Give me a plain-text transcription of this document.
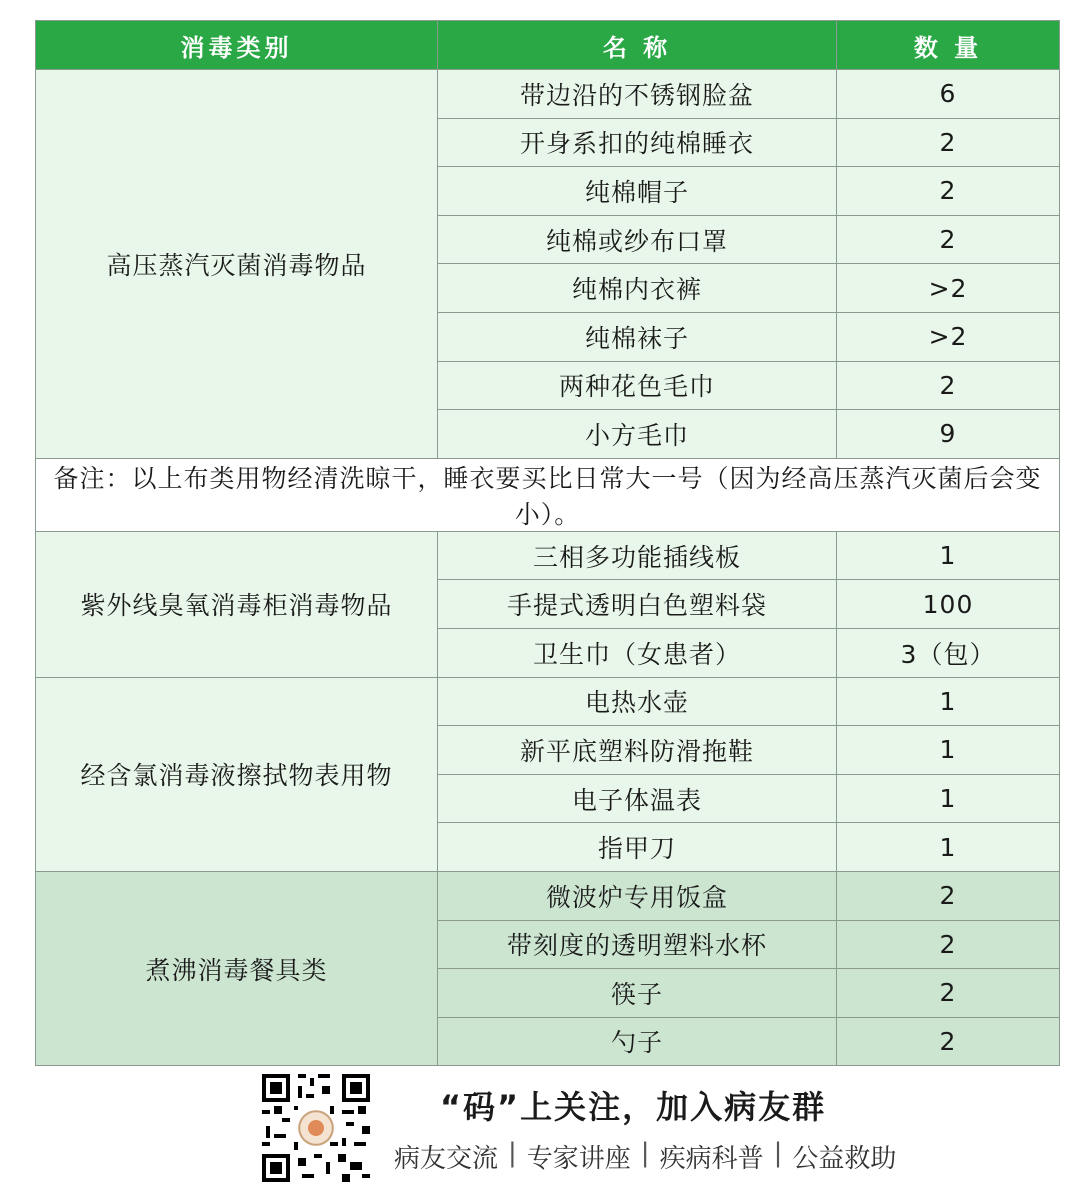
消毒类别	名 称	数 量
高压蒸汽灭菌消毒物品	带边沿的不锈钢脸盆	6
	开身系扣的纯棉睡衣	2
	纯棉帽子	2
	纯棉或纱布口罩	2
	纯棉内衣裤	>2
	纯棉袜子	>2
	两种花色毛巾	2
	小方毛巾	9
备注：以上布类用物经清洗晾干，睡衣要买比日常大一号（因为经高压蒸汽灭菌后会变小）。		
紫外线臭氧消毒柜消毒物品	三相多功能插线板	1
	手提式透明白色塑料袋	100
	卫生巾（女患者）	3（包）
经含氯消毒液擦拭物表用物	电热水壶	1
	新平底塑料防滑拖鞋	1
	电子体温表	1
	指甲刀	1
煮沸消毒餐具类	微波炉专用饭盒	2
	带刻度的透明塑料水杯	2
	筷子	2
	勺子	2
“码”上关注，加入病友群
病友交流 | 专家讲座 | 疾病科普 | 公益救助
